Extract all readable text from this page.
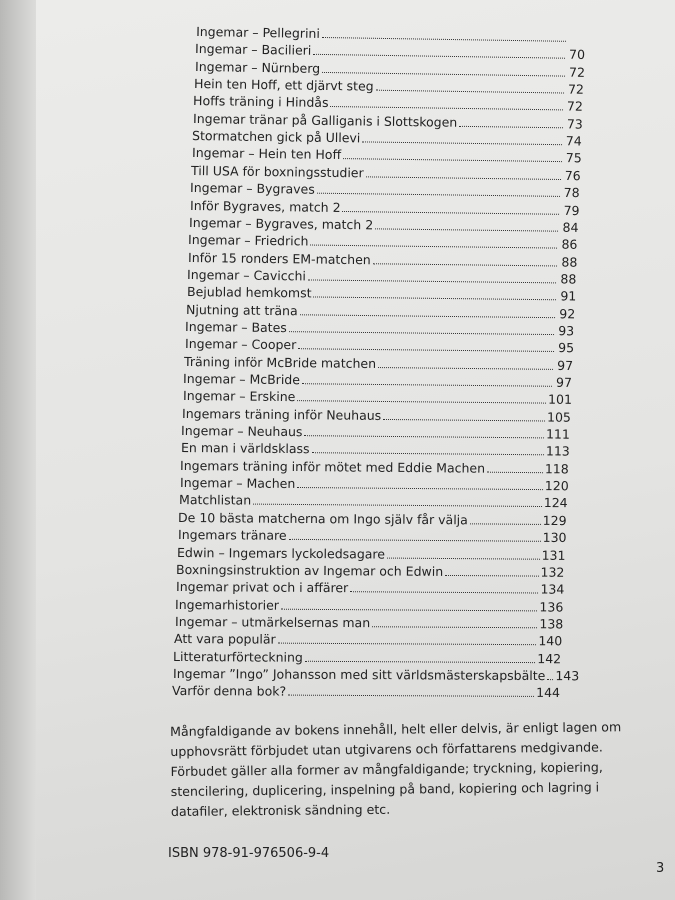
Ingemar – Pellegrini
Ingemar – Bacilieri	70
Ingemar – Nürnberg	72
Hein ten Hoff, ett djärvt steg	72
Hoffs träning i Hindås	72
Ingemar tränar på Galliganis i Slottskogen	73
Stormatchen gick på Ullevi	74
Ingemar – Hein ten Hoff	75
Till USA för boxningsstudier	76
Ingemar – Bygraves	78
Inför Bygraves, match 2	79
Ingemar – Bygraves, match 2	84
Ingemar – Friedrich	86
Inför 15 ronders EM-matchen	88
Ingemar – Cavicchi	88
Bejublad hemkomst	91
Njutning att träna	92
Ingemar – Bates	93
Ingemar – Cooper	95
Träning inför McBride matchen	97
Ingemar – McBride	97
Ingemar – Erskine	101
Ingemars träning inför Neuhaus	105
Ingemar – Neuhaus	111
En man i världsklass	113
Ingemars träning inför mötet med Eddie Machen	118
Ingemar – Machen	120
Matchlistan	124
De 10 bästa matcherna om Ingo själv får välja	129
Ingemars tränare	130
Edwin – Ingemars lyckoledsagare	131
Boxningsinstruktion av Ingemar och Edwin	132
Ingemar privat och i affärer	134
Ingemarhistorier	136
Ingemar – utmärkelsernas man	138
Att vara populär	140
Litteraturförteckning	142
Ingemar ”Ingo” Johansson med sitt världsmästerskapsbälte 143
Varför denna bok?	144

Mångfaldigande av bokens innehåll, helt eller delvis, är enligt lagen om

upphovsrätt förbjudet utan utgivarens och författarens medgivande.

Förbudet gäller alla former av mångfaldigande; tryckning, kopiering,

stencilering, duplicering, inspelning på band, kopiering och lagring i

datafiler, elektronisk sändning etc.

ISBN 978-91-976506-9-4
3
